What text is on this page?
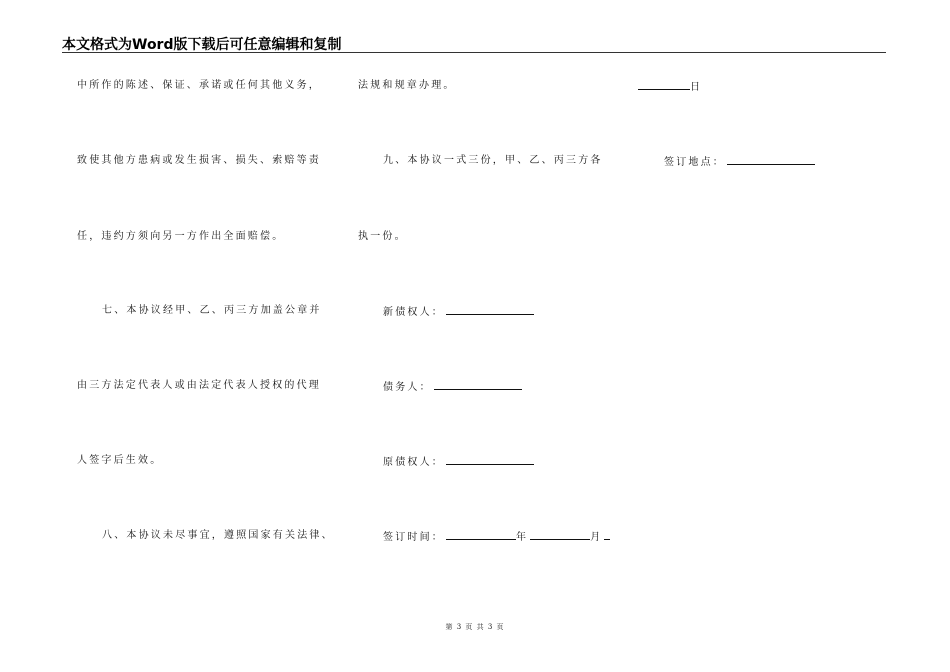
本文格式为Word版下载后可任意编辑和复制
中所作的陈述、保证、承诺或任何其他义务，
致使其他方患病或发生损害、损失、索赔等责
任，违约方须向另一方作出全面赔偿。
七、本协议经甲、乙、丙三方加盖公章并
由三方法定代表人或由法定代表人授权的代理
人签字后生效。
八、本协议未尽事宜，遵照国家有关法律、
法规和规章办理。
九、本协议一式三份，甲、乙、丙三方各
执一份。
新债权人：
债务人：
原债权人：
签订时间：	年	月
日
签订地点：
第 3 页 共 3 页
